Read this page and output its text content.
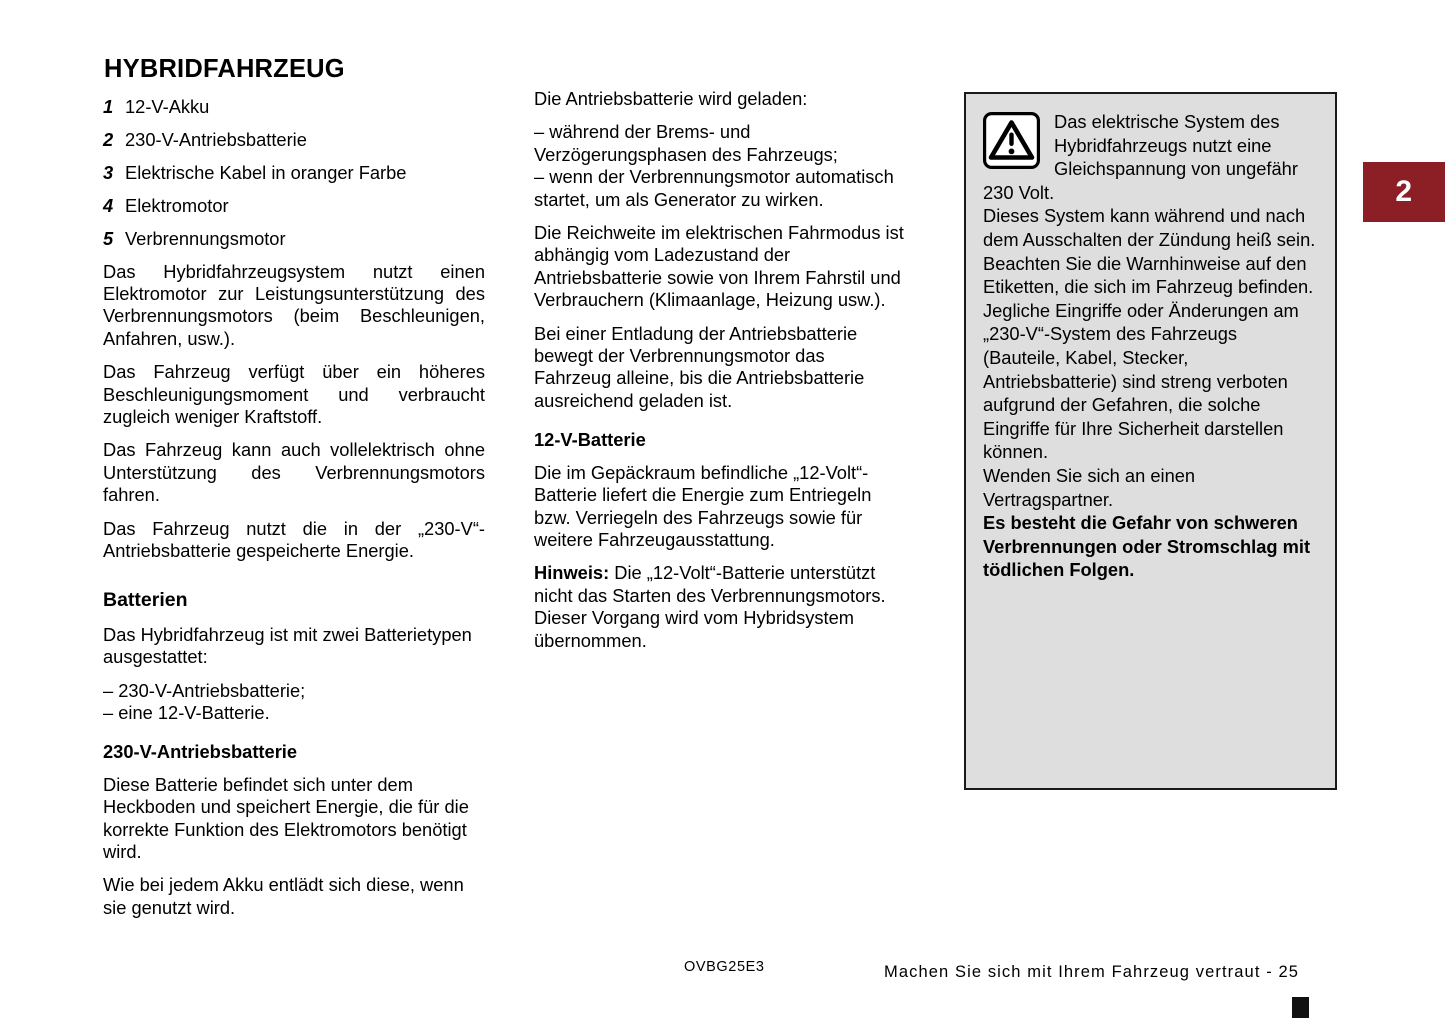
2
HYBRIDFAHRZEUG
1 12-V-Akku
2 230-V-Antriebsbatterie
3 Elektrische Kabel in oranger Farbe
4 Elektromotor
5 Verbrennungsmotor

Das Hybridfahrzeugsystem nutzt einen Elektromotor zur Leistungsunterstützung des Verbrennungsmotors (beim Beschleunigen, Anfahren, usw.).

Das Fahrzeug verfügt über ein höheres Beschleunigungsmoment und verbraucht zugleich weniger Kraftstoff.

Das Fahrzeug kann auch vollelektrisch ohne Unterstützung des Verbrennungsmotors fahren.

Das Fahrzeug nutzt die in der „230-V“-Antriebsbatterie gespeicherte Energie.

Batterien

Das Hybridfahrzeug ist mit zwei Batterietypen ausgestattet:

– 230-V-Antriebsbatterie;
– eine 12-V-Batterie.
230-V-Antriebsbatterie

Diese Batterie befindet sich unter dem Heckboden und speichert Energie, die für die korrekte Funktion des Elektromotors benötigt wird.

Wie bei jedem Akku entlädt sich diese, wenn sie genutzt wird.

Die Antriebsbatterie wird geladen:

– während der Brems- und Verzögerungsphasen des Fahrzeugs;
– wenn der Verbrennungsmotor automatisch startet, um als Generator zu wirken.

Die Reichweite im elektrischen Fahrmodus ist abhängig vom Ladezustand der Antriebsbatterie sowie von Ihrem Fahrstil und Verbrauchern (Klimaanlage, Heizung usw.).

Bei einer Entladung der Antriebsbatterie bewegt der Verbrennungsmotor das Fahrzeug alleine, bis die Antriebsbatterie ausreichend geladen ist.

12-V-Batterie

Die im Gepäckraum befindliche „12-Volt“-Batterie liefert die Energie zum Entriegeln bzw. Verriegeln des Fahrzeugs sowie für weitere Fahrzeugausstattung.

Hinweis: Die „12-Volt“-Batterie unterstützt nicht das Starten des Verbrennungsmotors. Dieser Vorgang wird vom Hybridsystem übernommen.

Das elektrische System des Hybridfahrzeugs nutzt eine Gleichspannung von ungefähr 230 Volt.

Dieses System kann während und nach dem Ausschalten der Zündung heiß sein.

Beachten Sie die Warnhinweise auf den Etiketten, die sich im Fahrzeug befinden.

Jegliche Eingriffe oder Änderungen am „230-V“-System des Fahrzeugs (Bauteile, Kabel, Stecker, Antriebsbatterie) sind streng verboten aufgrund der Gefahren, die solche Eingriffe für Ihre Sicherheit darstellen können.

Wenden Sie sich an einen Vertragspartner.

Es besteht die Gefahr von schweren Verbrennungen oder Stromschlag mit tödlichen Folgen.

OVBG25E3	Machen Sie sich mit Ihrem Fahrzeug vertraut - 25
